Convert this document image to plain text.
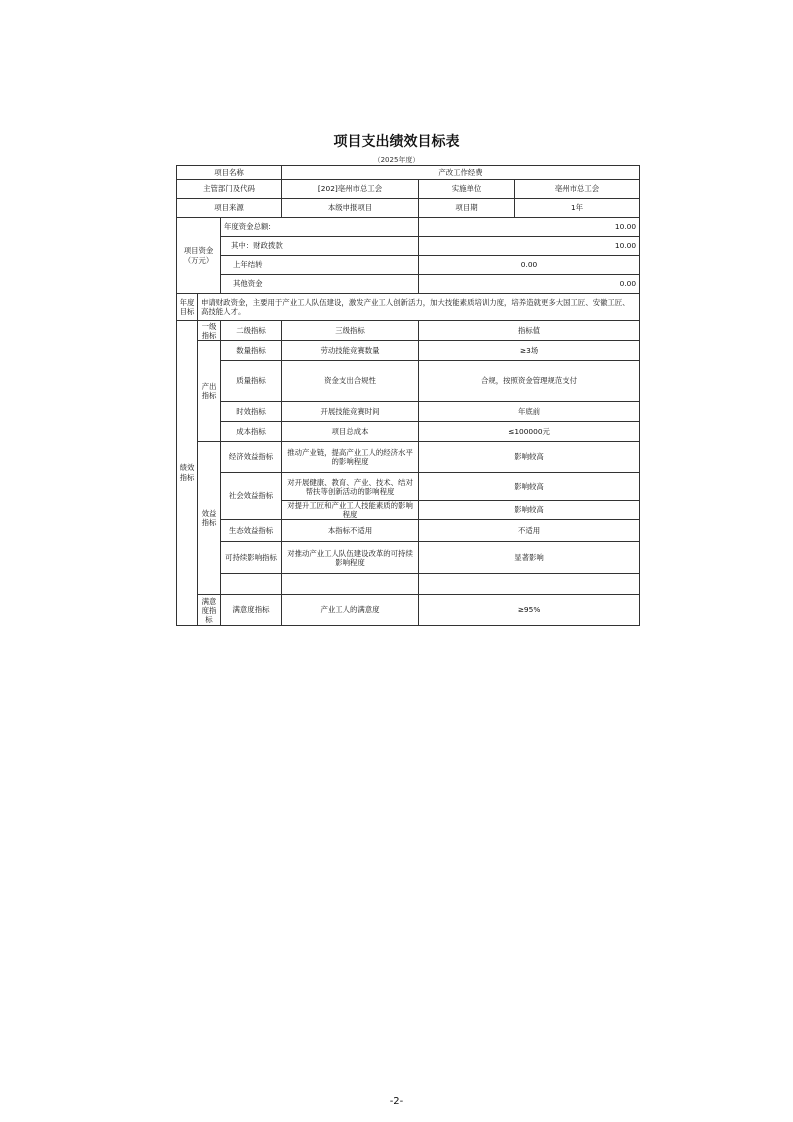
项目支出绩效目标表
（2025年度）
项目名称			产改工作经费		
主管部门及代码			[202]亳州市总工会	实施单位	亳州市总工会
项目来源			本级申报项目	项目期	1年
项目资金
（万元）		年度资金总额:		10.00	
		其中：财政拨款		10.00	
		上年结转		0.00	
		其他资金		0.00	
年度目标	申请财政资金，主要用于产业工人队伍建设，激发产业工人创新活力，加大技能素质培训力度，培养造就更多大国工匠、安徽工匠、高技能人才。				
绩效指标	一级指标	二级指标	三级指标	指标值	
	产出指标	数量指标	劳动技能竞赛数量	≥3场	
		质量指标	资金支出合规性	合规，按照资金管理规范支付	
		时效指标	开展技能竞赛时间	年底前	
		成本指标	项目总成本	≤100000元	
	效益指标	经济效益指标	推动产业链，提高产业工人的经济水平的影响程度	影响较高	
		社会效益指标	对开展健康、教育、产业、技术、结对帮扶等创新活动的影响程度	影响较高	
			对提升工匠和产业工人技能素质的影响程度	影响较高	
		生态效益指标	本指标不适用	不适用	
		可持续影响指标	对推动产业工人队伍建设改革的可持续影响程度	显著影响	

	满意度指标	满意度指标	产业工人的满意度	≥95%	
-2-
